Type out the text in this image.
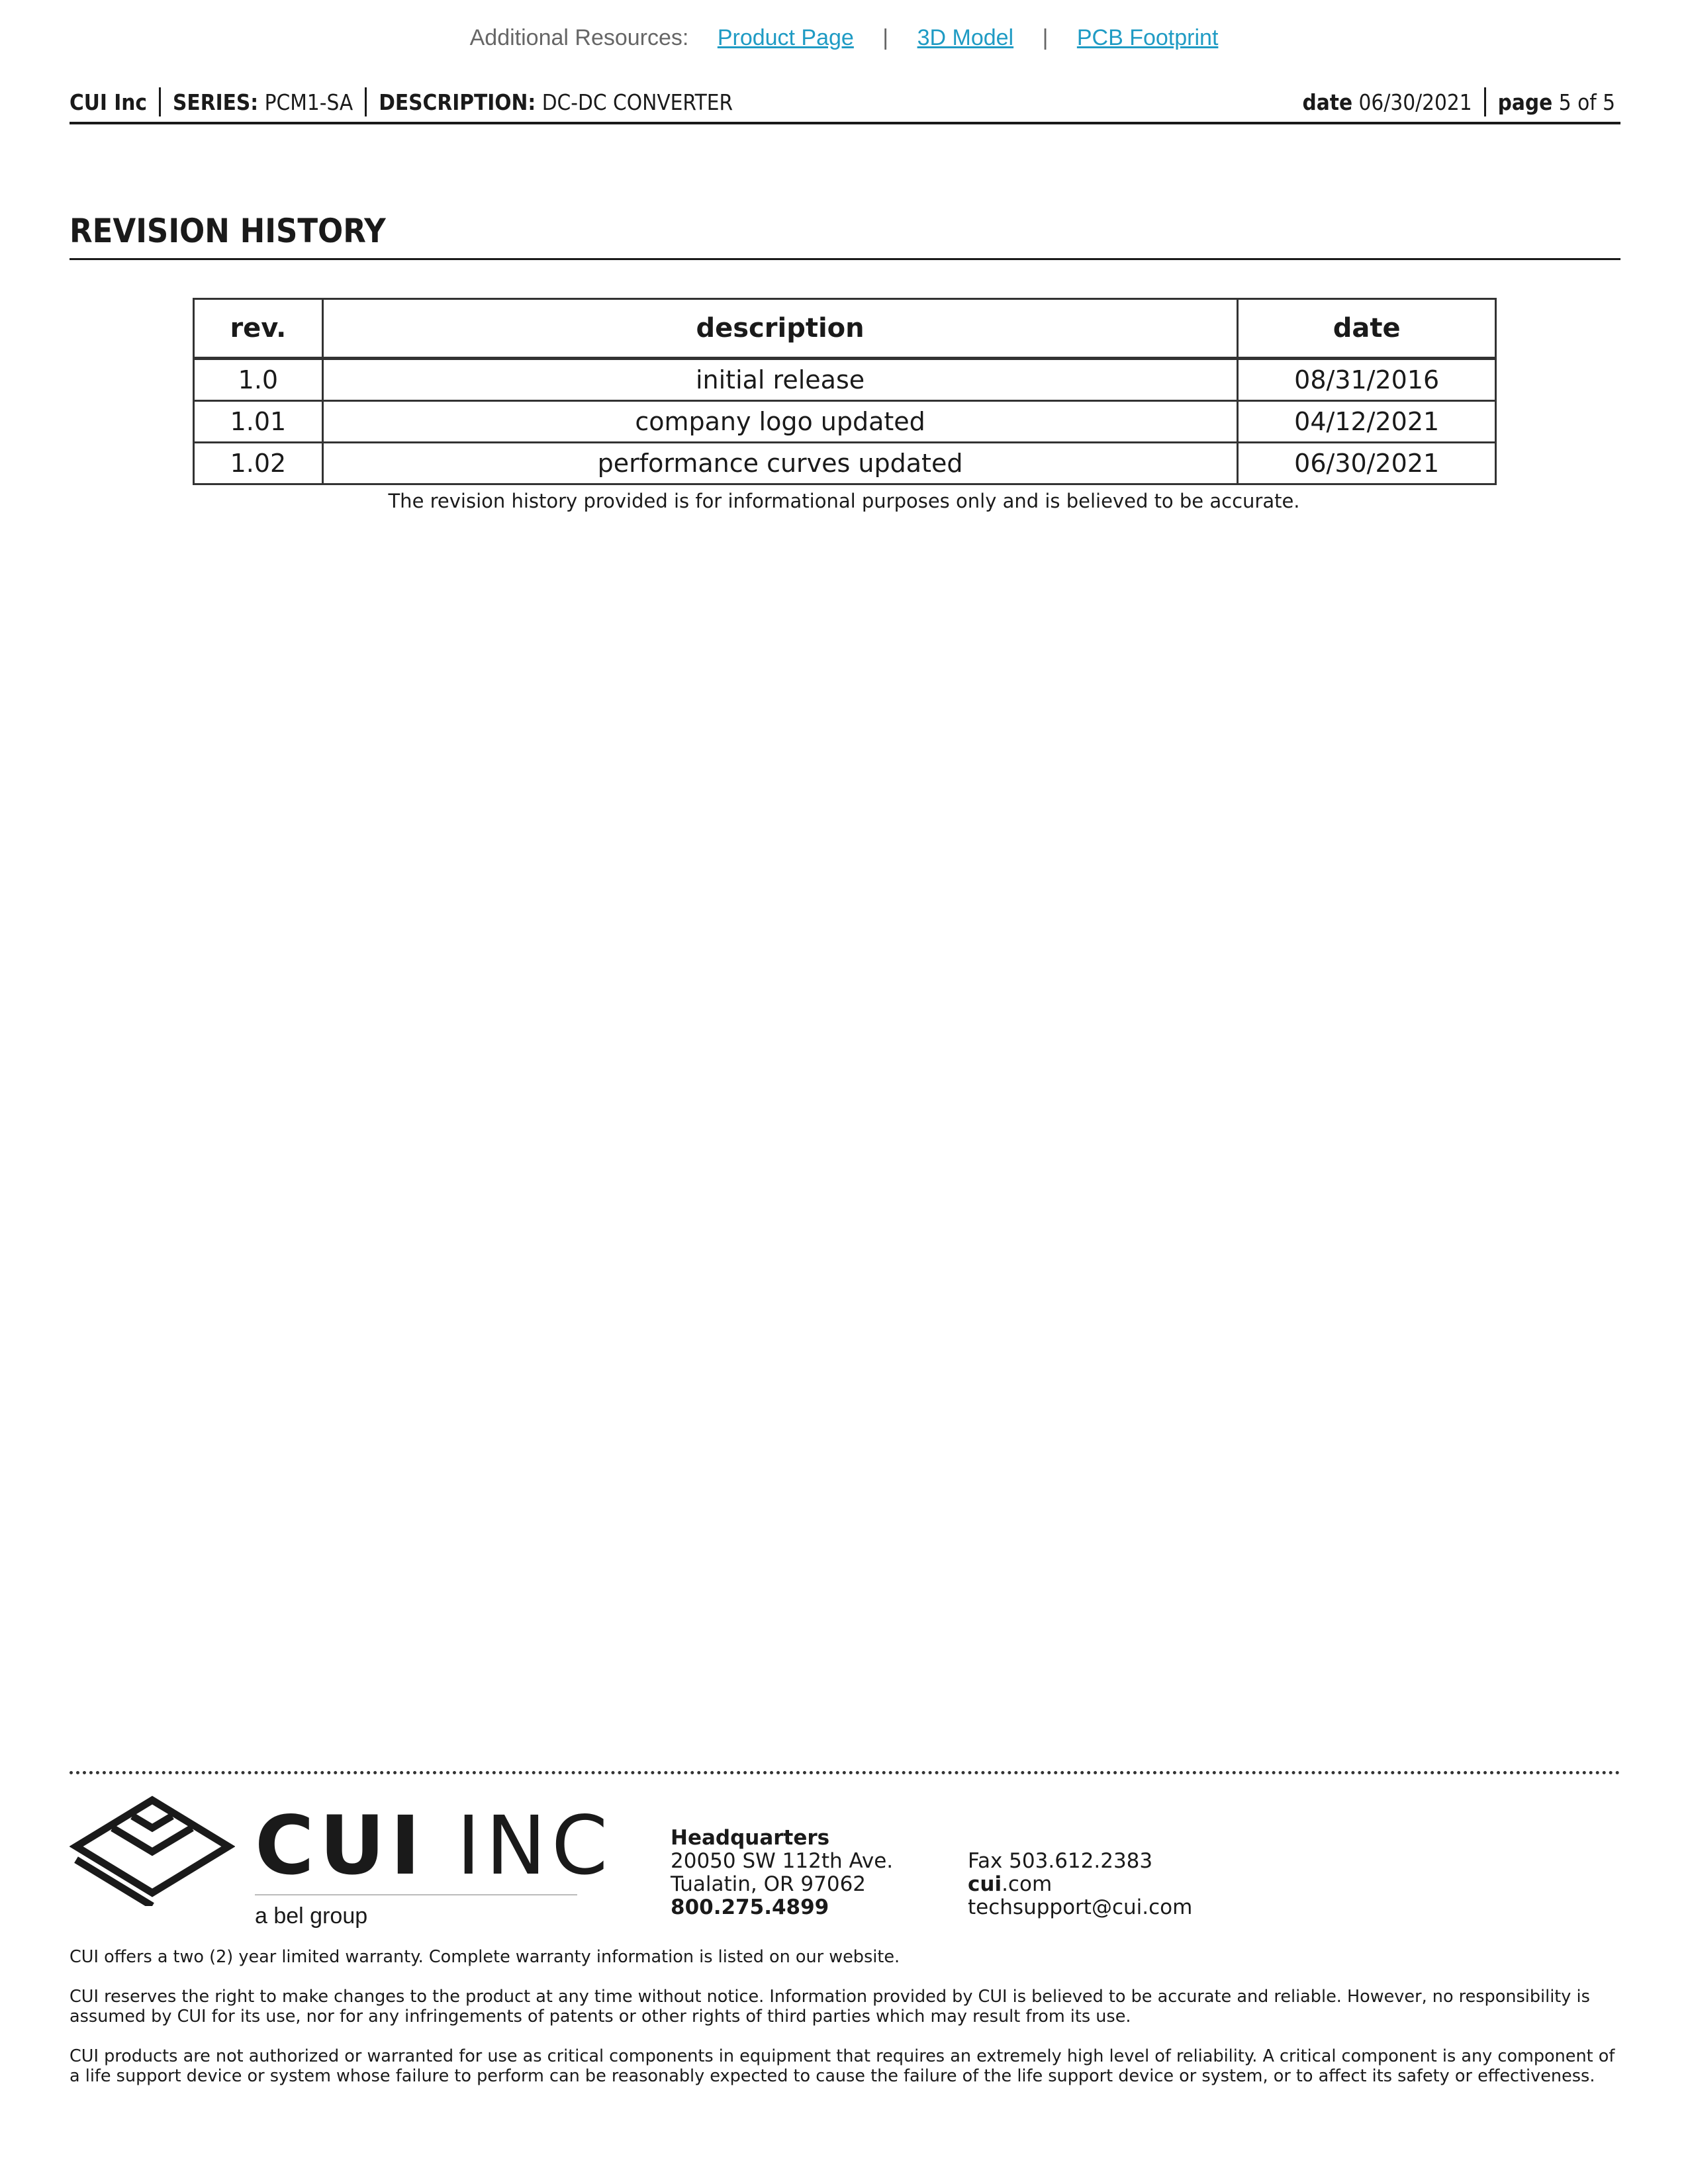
Additional Resources: Product Page | 3D Model | PCB Footprint
CUI Inc SERIES: PCM1-SA DESCRIPTION: DC-DC CONVERTER	date 06/30/2021 page 5 of 5
REVISION HISTORY
rev.	description	date
1.0	initial release	08/31/2016
1.01	company logo updated	04/12/2021
1.02	performance curves updated	06/30/2021
The revision history provided is for informational purposes only and is believed to be accurate.
CUI INC
a bel group
Headquarters
20050 SW 112th Ave.
Tualatin, OR 97062
800.275.4899
Fax 503.612.2383
cui.com
techsupport@cui.com

CUI offers a two (2) year limited warranty. Complete warranty information is listed on our website.

CUI reserves the right to make changes to the product at any time without notice. Information provided by CUI is believed to be accurate and reliable. However, no responsibility is assumed by CUI for its use, nor for any infringements of patents or other rights of third parties which may result from its use.

CUI products are not authorized or warranted for use as critical components in equipment that requires an extremely high level of reliability. A critical component is any component of a life support device or system whose failure to perform can be reasonably expected to cause the failure of the life support device or system, or to affect its safety or effectiveness.
